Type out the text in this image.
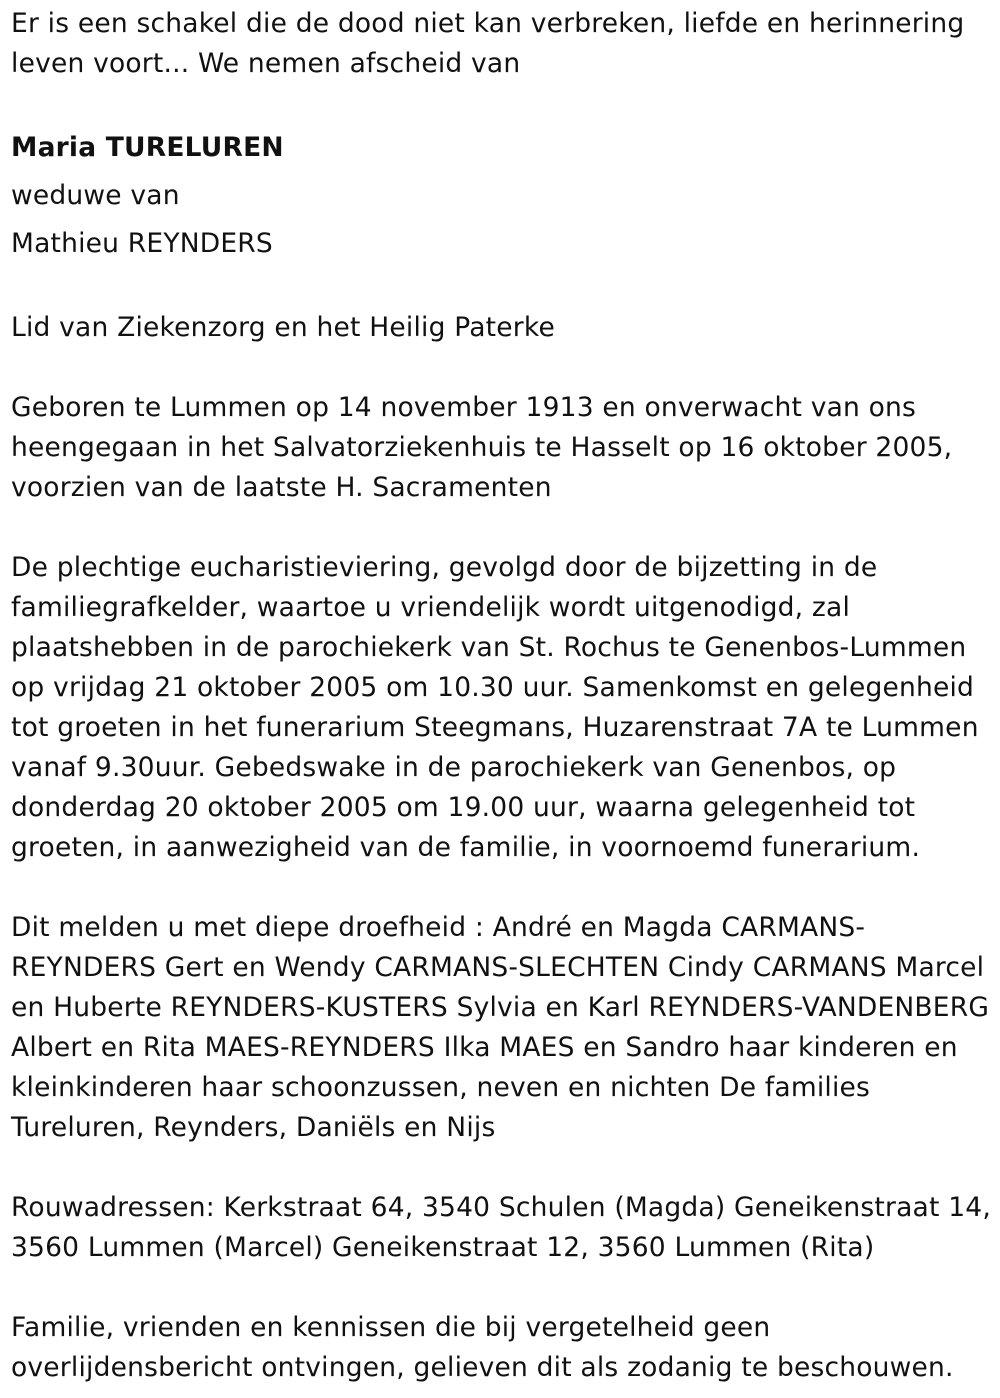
Er is een schakel die de dood niet kan verbreken, liefde en herinnering leven voort... We nemen afscheid van

Maria TURELUREN

weduwe van

Mathieu REYNDERS

Lid van Ziekenzorg en het Heilig Paterke

Geboren te Lummen op 14 november 1913 en onverwacht van ons heengegaan in het Salvatorziekenhuis te Hasselt op 16 oktober 2005, voorzien van de laatste H. Sacramenten

De plechtige eucharistieviering, gevolgd door de bijzetting in de familiegrafkelder, waartoe u vriendelijk wordt uitgenodigd, zal plaatshebben in de parochiekerk van St. Rochus te Genenbos-Lummen op vrijdag 21 oktober 2005 om 10.30 uur. Samenkomst en gelegenheid tot groeten in het funerarium Steegmans, Huzarenstraat 7A te Lummen vanaf 9.30uur. Gebedswake in de parochiekerk van Genenbos, op donderdag 20 oktober 2005 om 19.00 uur, waarna gelegenheid tot groeten, in aanwezigheid van de familie, in voornoemd funerarium.

Dit melden u met diepe droefheid : André en Magda CARMANS-REYNDERS Gert en Wendy CARMANS-SLECHTEN Cindy CARMANS Marcel en Huberte REYNDERS-KUSTERS Sylvia en Karl REYNDERS-VANDENBERG Albert en Rita MAES-REYNDERS Ilka MAES en Sandro haar kinderen en kleinkinderen haar schoonzussen, neven en nichten De families Tureluren, Reynders, Daniëls en Nijs

Rouwadressen: Kerkstraat 64, 3540 Schulen (Magda) Geneikenstraat 14, 3560 Lummen (Marcel) Geneikenstraat 12, 3560 Lummen (Rita)

Familie, vrienden en kennissen die bij vergetelheid geen overlijdensbericht ontvingen, gelieven dit als zodanig te beschouwen.
